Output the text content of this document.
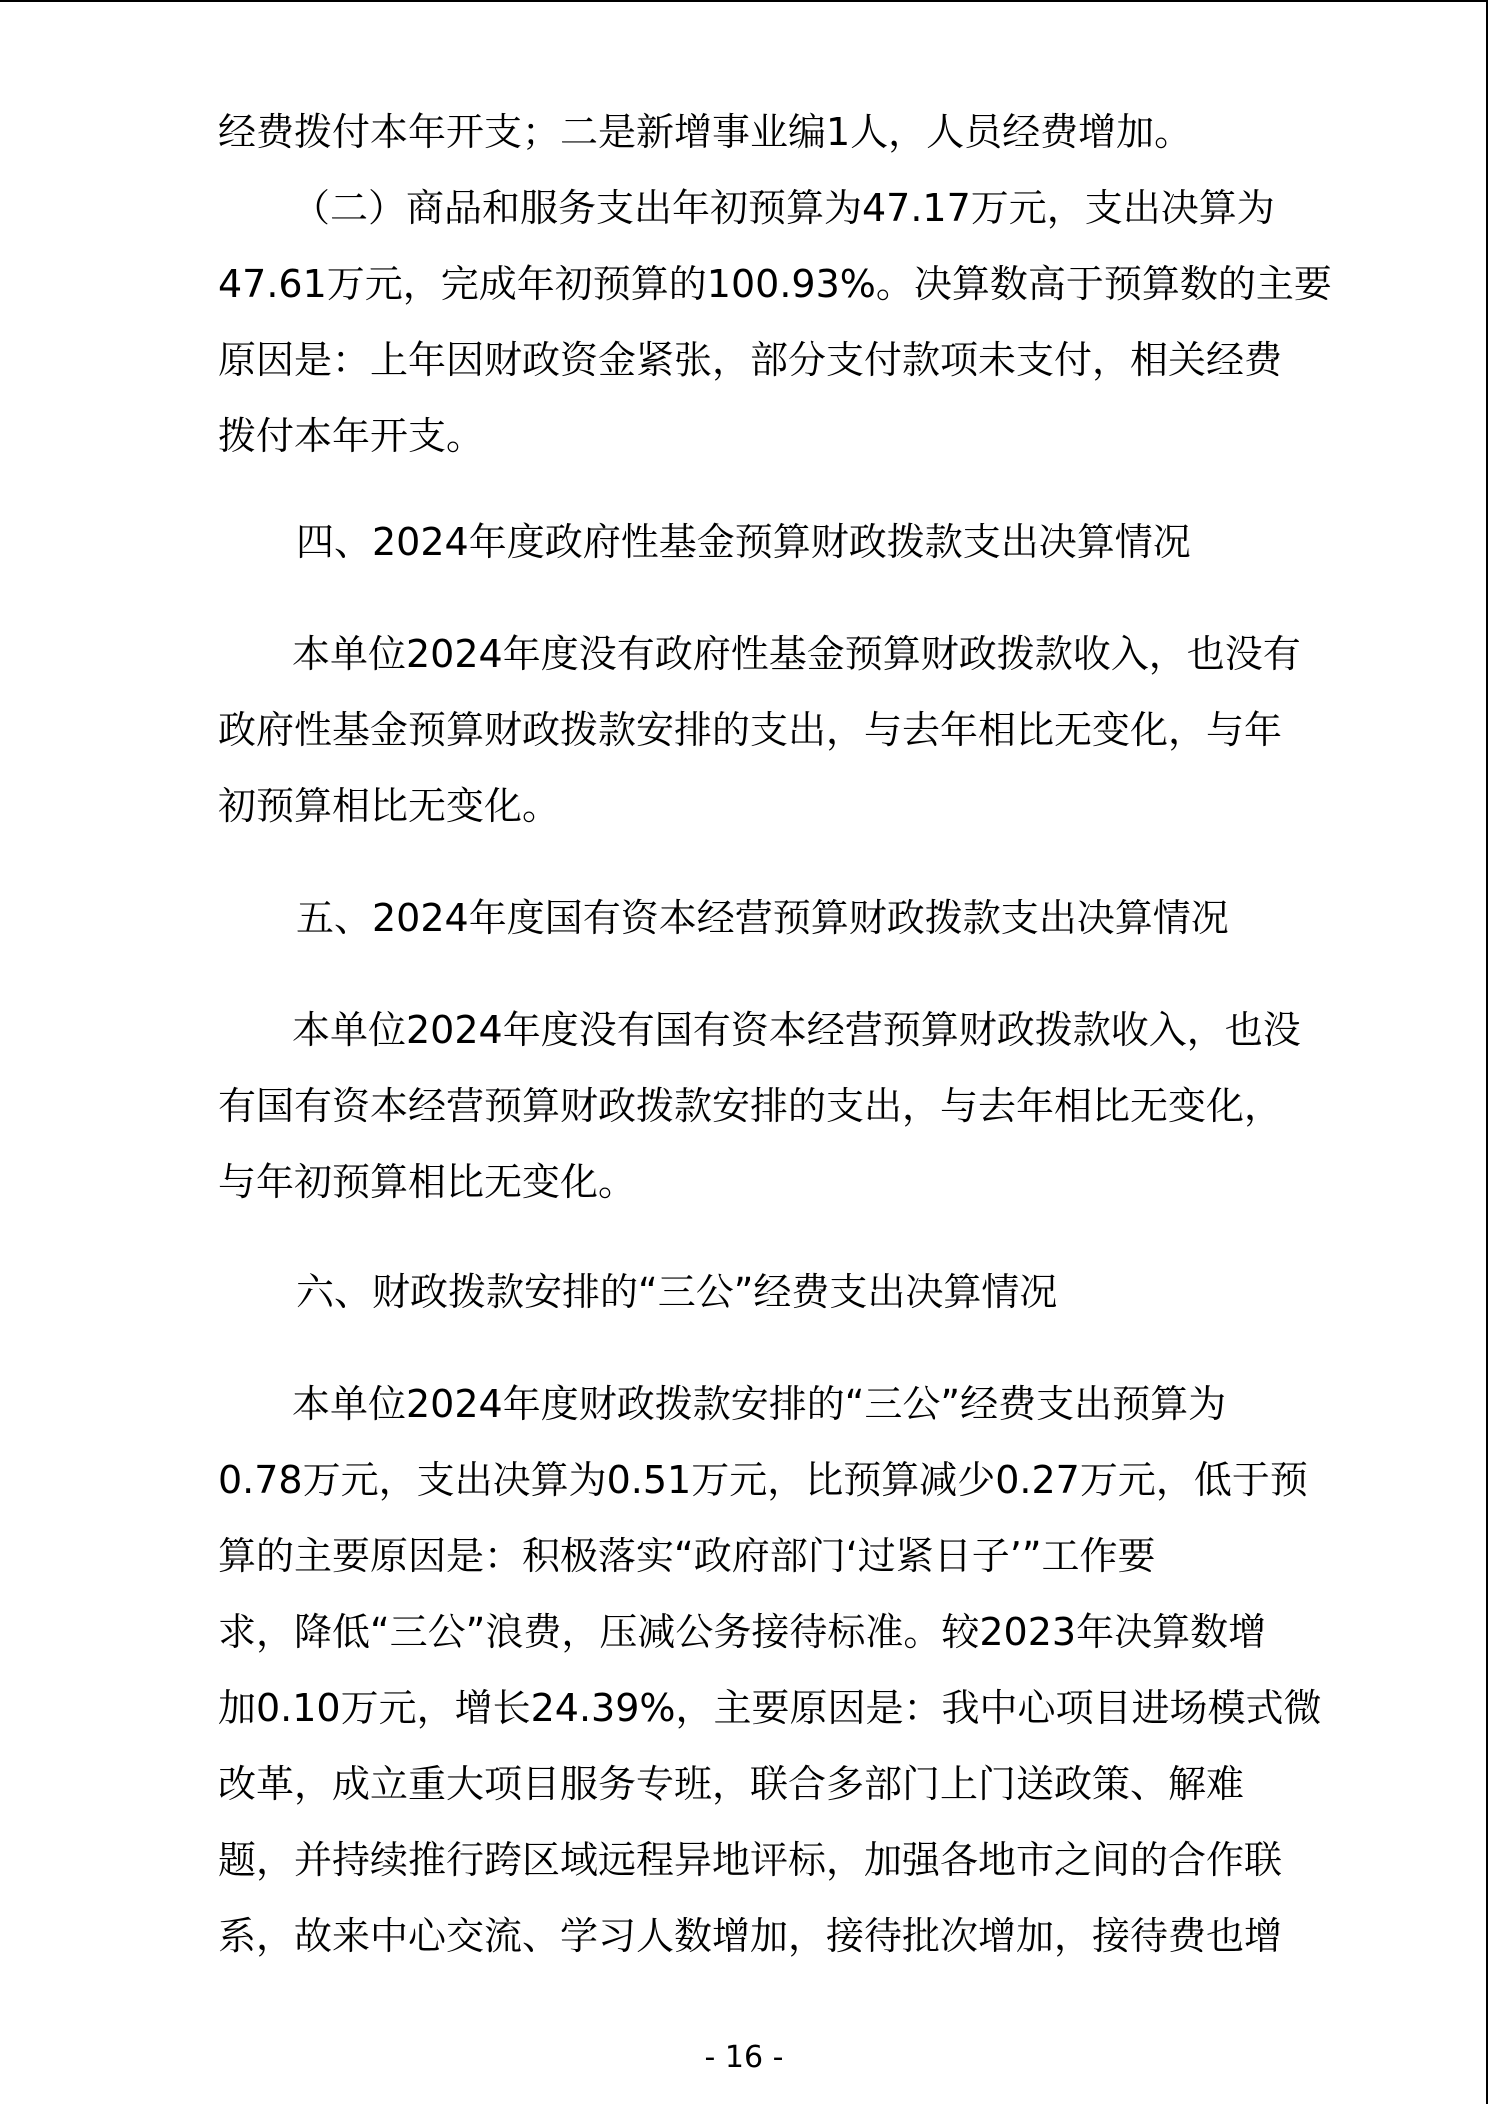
经费拨付本年开支；二是新增事业编1人，人员经费增加。
（二）商品和服务支出年初预算为47.17万元，支出决算为
47.61万元，完成年初预算的100.93%。决算数高于预算数的主要
原因是：上年因财政资金紧张，部分支付款项未支付，相关经费
拨付本年开支。
四、2024年度政府性基金预算财政拨款支出决算情况
本单位2024年度没有政府性基金预算财政拨款收入，也没有
政府性基金预算财政拨款安排的支出，与去年相比无变化，与年
初预算相比无变化。
五、2024年度国有资本经营预算财政拨款支出决算情况
本单位2024年度没有国有资本经营预算财政拨款收入，也没
有国有资本经营预算财政拨款安排的支出，与去年相比无变化，
与年初预算相比无变化。
六、财政拨款安排的“三公”经费支出决算情况
本单位2024年度财政拨款安排的“三公”经费支出预算为
0.78万元，支出决算为0.51万元，比预算减少0.27万元，低于预
算的主要原因是：积极落实“政府部门‘过紧日子’”工作要
求，降低“三公”浪费，压减公务接待标准。较2023年决算数增
加0.10万元，增长24.39%，主要原因是：我中心项目进场模式微
改革，成立重大项目服务专班，联合多部门上门送政策、解难
题，并持续推行跨区域远程异地评标，加强各地市之间的合作联
系，故来中心交流、学习人数增加，接待批次增加，接待费也增
- 16 -
